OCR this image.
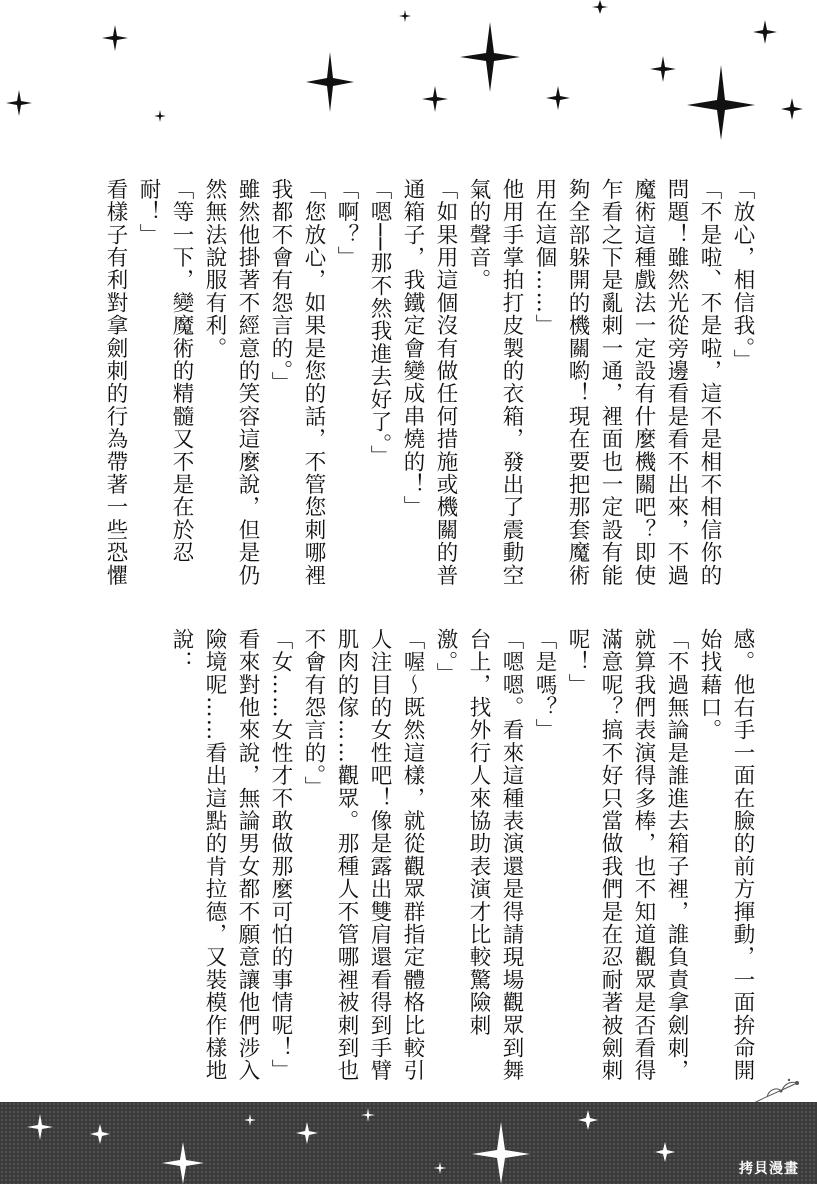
「放心，相信我。」
「不是啦、不是啦，這不是相不相信你的問題！雖然光從旁邊看是看不出來，不過魔術這種戲法一定設有什麼機關吧？即使乍看之下是亂刺一通，裡面也一定設有能夠全部躲開的機關喲！現在要把那套魔術用在這個……」
他用手掌拍打皮製的衣箱，發出了震動空氣的聲音。
「如果用這個沒有做任何措施或機關的普通箱子，我鐵定會變成串燒的！」
「嗯──那不然我進去好了。」
「啊？」
「您放心，如果是您的話，不管您刺哪裡我都不會有怨言的。」
雖然他掛著不經意的笑容這麼說，但是仍然無法說服有利。
「等一下，變魔術的精髓又不是在於忍耐！」
看樣子有利對拿劍刺的行為帶著一些恐懼
感。他右手一面在臉的前方揮動，一面拚命開始找藉口。
「不過無論是誰進去箱子裡，誰負責拿劍刺，就算我們表演得多棒，也不知道觀眾是否看得滿意呢？搞不好只當做我們是在忍耐著被劍刺呢！」
「是嗎？」
「嗯嗯。看來這種表演還是得請現場觀眾到舞台上，找外行人來協助表演才比較驚險刺激。」
「喔～既然這樣，就從觀眾群指定體格比較引人注目的女性吧！像是露出雙肩還看得到手臂肌肉的傢……觀眾。那種人不管哪裡被刺到也不會有怨言的。」
「女……女性才不敢做那麼可怕的事情呢！」
看來對他來說，無論男女都不願意讓他們涉入險境呢……看出這點的肯拉德，又裝模作樣地說：
拷貝漫畫
